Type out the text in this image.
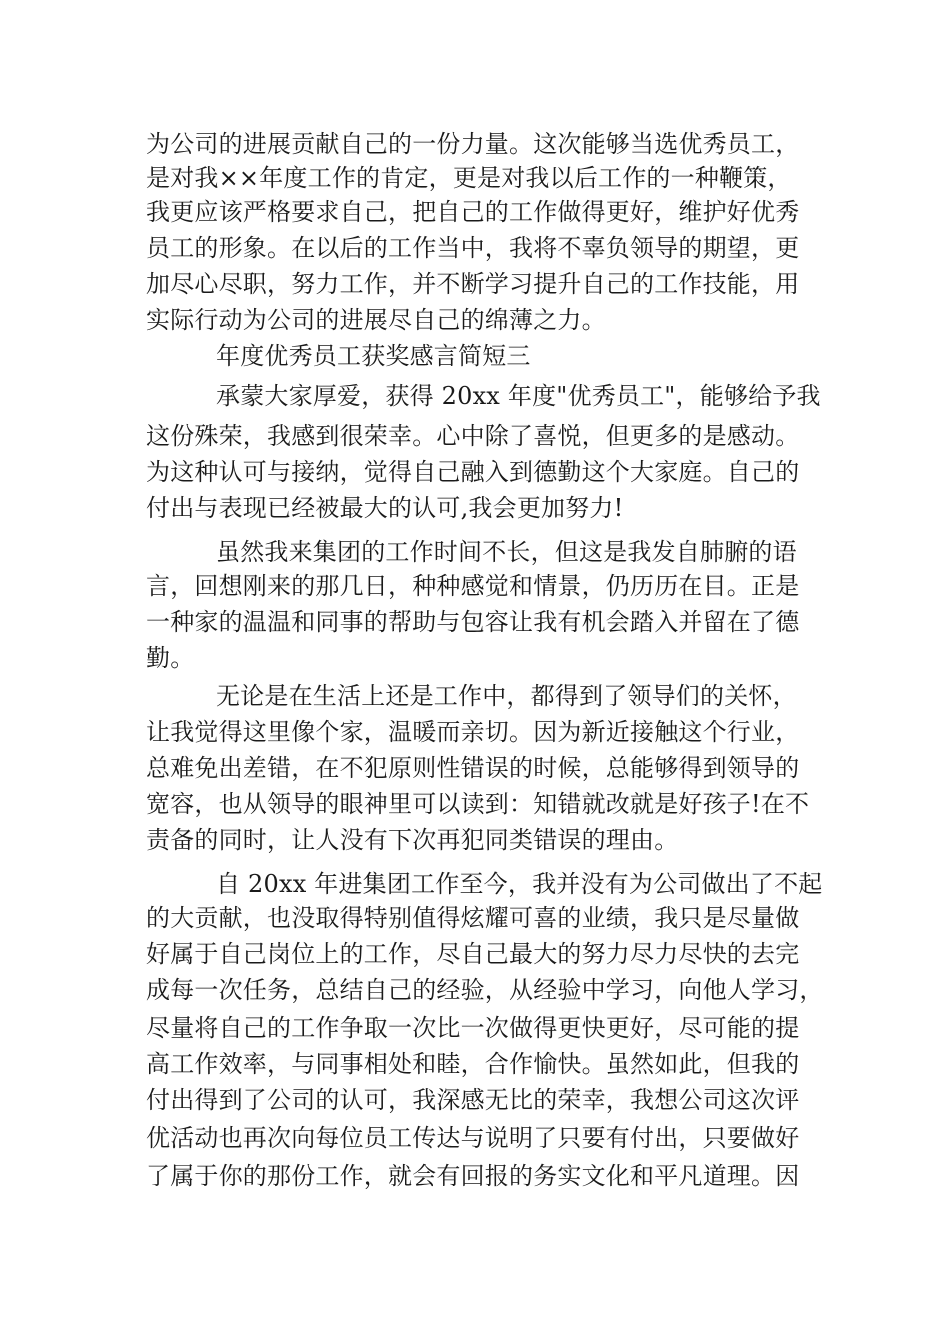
为公司的进展贡献自己的一份力量。这次能够当选优秀员工，
是对我××年度工作的肯定，更是对我以后工作的一种鞭策，
我更应该严格要求自己，把自己的工作做得更好，维护好优秀
员工的形象。在以后的工作当中，我将不辜负领导的期望，更
加尽心尽职，努力工作，并不断学习提升自己的工作技能，用
实际行动为公司的进展尽自己的绵薄之力。
年度优秀员工获奖感言简短三
承蒙大家厚爱，获得 20xx 年度"优秀员工"，能够给予我
这份殊荣，我感到很荣幸。心中除了喜悦，但更多的是感动。
为这种认可与接纳，觉得自己融入到德勤这个大家庭。自己的
付出与表现已经被最大的认可,我会更加努力!
虽然我来集团的工作时间不长，但这是我发自肺腑的语
言，回想刚来的那几日，种种感觉和情景，仍历历在目。正是
一种家的温温和同事的帮助与包容让我有机会踏入并留在了德
勤。
无论是在生活上还是工作中，都得到了领导们的关怀，
让我觉得这里像个家，温暖而亲切。因为新近接触这个行业，
总难免出差错，在不犯原则性错误的时候，总能够得到领导的
宽容，也从领导的眼神里可以读到：知错就改就是好孩子!在不
责备的同时，让人没有下次再犯同类错误的理由。
自 20xx 年进集团工作至今，我并没有为公司做出了不起
的大贡献，也没取得特别值得炫耀可喜的业绩，我只是尽量做
好属于自己岗位上的工作，尽自己最大的努力尽力尽快的去完
成每一次任务，总结自己的经验，从经验中学习，向他人学习，
尽量将自己的工作争取一次比一次做得更快更好，尽可能的提
高工作效率，与同事相处和睦，合作愉快。虽然如此，但我的
付出得到了公司的认可，我深感无比的荣幸，我想公司这次评
优活动也再次向每位员工传达与说明了只要有付出，只要做好
了属于你的那份工作，就会有回报的务实文化和平凡道理。因
